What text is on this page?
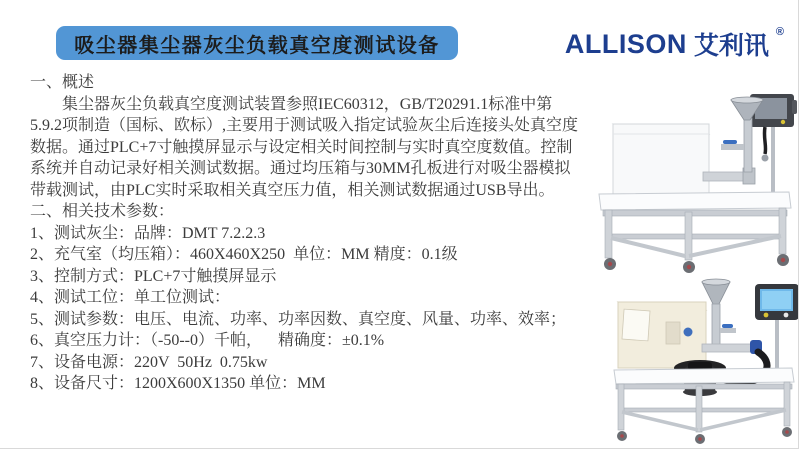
吸尘器集尘器灰尘负载真空度测试设备	ALLISON 艾利讯 ®
一、概述

集尘器灰尘负载真空度测试装置参照IEC60312，GB/T20291.1标准中第5.9.2项制造（国标、欧标）,主要用于测试吸入指定试验灰尘后连接头处真空度数据。通过PLC+7寸触摸屏显示与设定相关时间控制与实时真空度数值。控制系统并自动记录好相关测试数据。通过均压箱与30MM孔板进行对吸尘器模拟带载测试，由PLC实时采取相关真空压力值，相关测试数据通过USB导出。

二、相关技术参数：
1、测试灰尘：品牌：DMT 7.2.2.3
2、充气室（均压箱）：460X460X250  单位：MM 精度：0.1级
3、控制方式：PLC+7寸触摸屏显示
4、测试工位：单工位测试：
5、测试参数：电压、电流、功率、功率因数、真空度、风量、功率、效率；
6、真空压力计：（-50--0）千帕，    精确度：±0.1%
7、设备电源：220V  50Hz  0.75kw
8、设备尺寸：1200X600X1350 单位：MM
